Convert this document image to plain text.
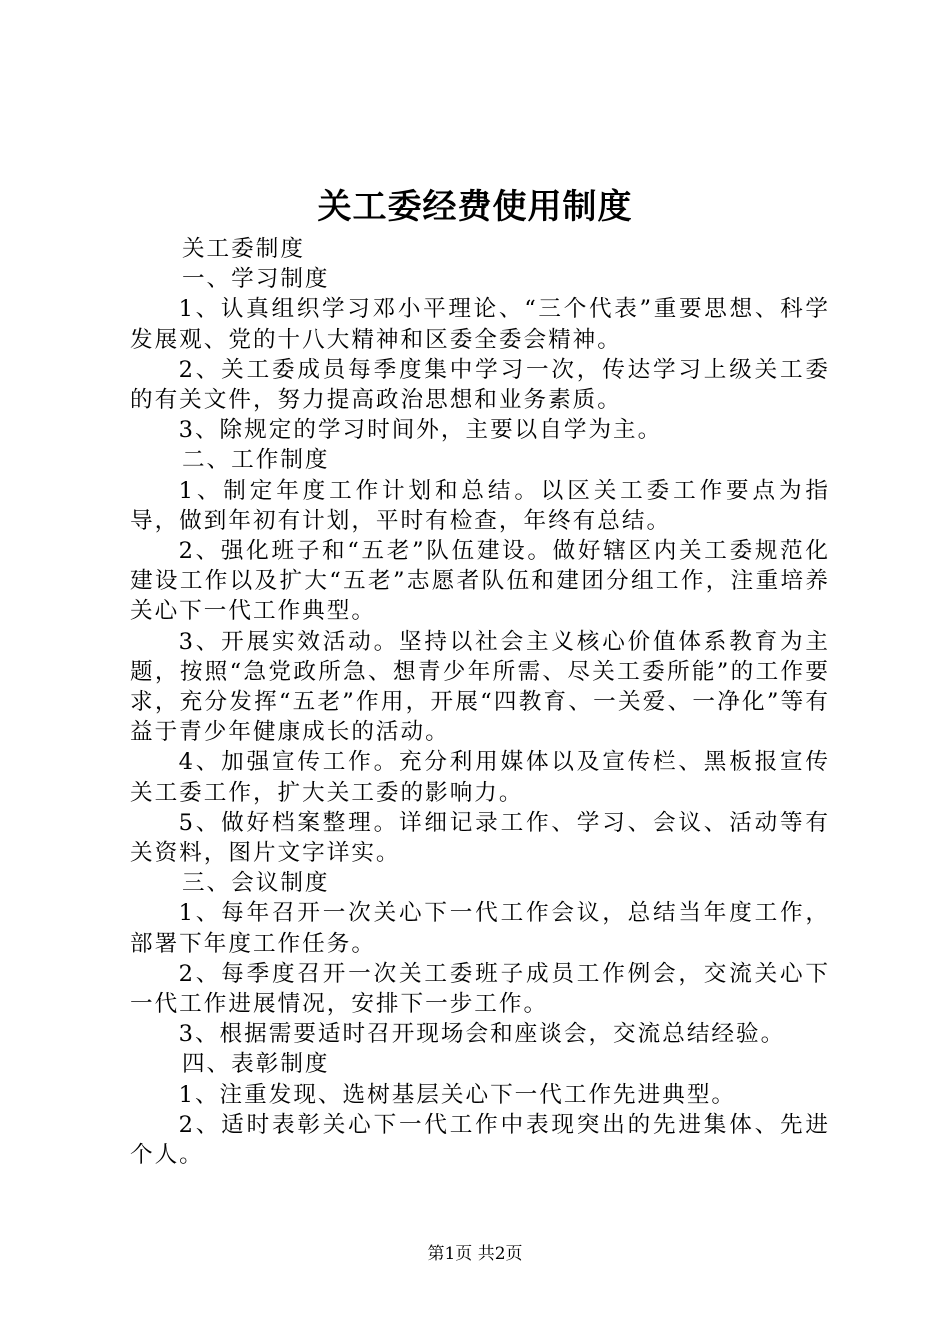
关工委经费使用制度

关工委制度

一、学习制度

1、认真组织学习邓小平理论、“三个代表”重要思想、科学发展观、党的十八大精神和区委全委会精神。

2、关工委成员每季度集中学习一次，传达学习上级关工委的有关文件，努力提高政治思想和业务素质。

3、除规定的学习时间外，主要以自学为主。

二、工作制度

1、制定年度工作计划和总结。以区关工委工作要点为指导，做到年初有计划，平时有检查，年终有总结。

2、强化班子和“五老”队伍建设。做好辖区内关工委规范化建设工作以及扩大“五老”志愿者队伍和建团分组工作，注重培养关心下一代工作典型。

3、开展实效活动。坚持以社会主义核心价值体系教育为主题，按照“急党政所急、想青少年所需、尽关工委所能”的工作要求，充分发挥“五老”作用，开展“四教育、一关爱、一净化”等有益于青少年健康成长的活动。

4、加强宣传工作。充分利用媒体以及宣传栏、黑板报宣传关工委工作，扩大关工委的影响力。

5、做好档案整理。详细记录工作、学习、会议、活动等有关资料，图片文字详实。

三、会议制度

1、每年召开一次关心下一代工作会议，总结当年度工作，部署下年度工作任务。

2、每季度召开一次关工委班子成员工作例会，交流关心下一代工作进展情况，安排下一步工作。

3、根据需要适时召开现场会和座谈会，交流总结经验。

四、表彰制度

1、注重发现、选树基层关心下一代工作先进典型。

2、适时表彰关心下一代工作中表现突出的先进集体、先进个人。

第1页 共2页
